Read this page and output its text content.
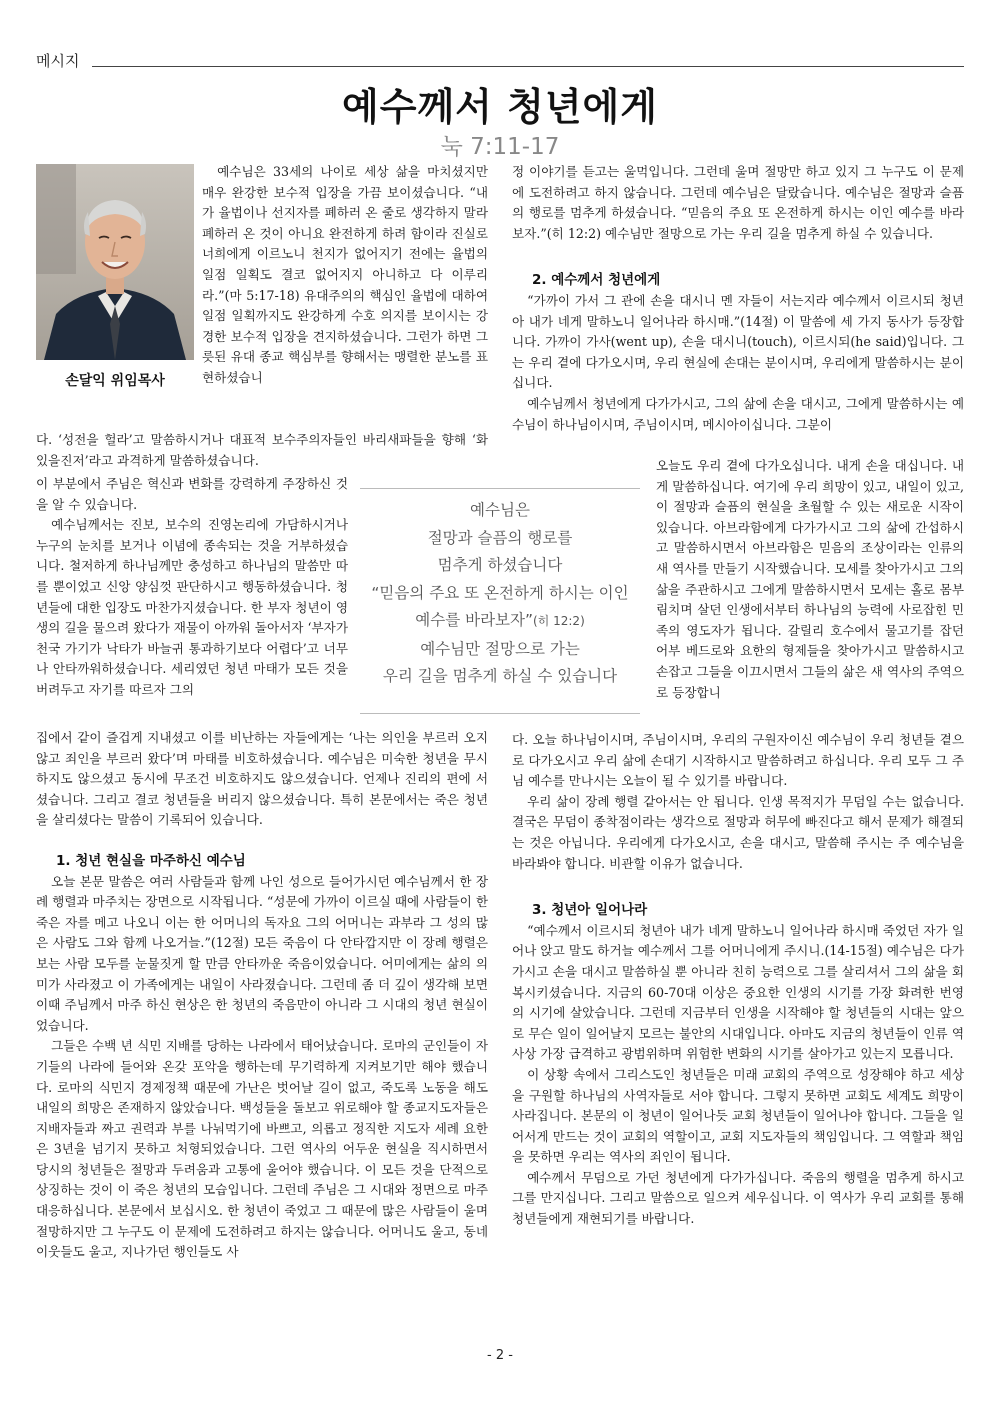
메시지
예수께서 청년에게
눅 7:11-17
손달익 위임목사

예수님은 33세의 나이로 세상 삶을 마치셨지만 매우 완강한 보수적 입장을 가끔 보이셨습니다. “내가 율법이나 선지자를 폐하러 온 줄로 생각하지 말라 폐하러 온 것이 아니요 완전하게 하려 함이라 진실로 너희에게 이르노니 천지가 없어지기 전에는 율법의 일점 일획도 결코 없어지지 아니하고 다 이루리라.”(마 5:17-18) 유대주의의 핵심인 율법에 대하여 일점 일획까지도 완강하게 수호 의지를 보이시는 강경한 보수적 입장을 견지하셨습니다. 그런가 하면 그릇된 유대 종교 핵심부를 향해서는 맹렬한 분노를 표현하셨습니

다. ‘성전을 헐라’고 말씀하시거나 대표적 보수주의자들인 바리새파들을 향해 ‘화 있을진저’라고 과격하게 말씀하셨습니다.

이 부분에서 주님은 혁신과 변화를 강력하게 주장하신 것을 알 수 있습니다.

예수님께서는 진보, 보수의 진영논리에 가담하시거나 누구의 눈치를 보거나 이념에 종속되는 것을 거부하셨습니다. 철저하게 하나님께만 충성하고 하나님의 말씀만 따를 뿐이었고 신앙 양심껏 판단하시고 행동하셨습니다. 청년들에 대한 입장도 마찬가지셨습니다. 한 부자 청년이 영생의 길을 물으려 왔다가 재물이 아까워 돌아서자 ‘부자가 천국 가기가 낙타가 바늘귀 통과하기보다 어렵다’고 너무나 안타까워하셨습니다. 세리였던 청년 마태가 모든 것을 버려두고 자기를 따르자 그의

집에서 같이 즐겁게 지내셨고 이를 비난하는 자들에게는 ‘나는 의인을 부르러 오지 않고 죄인을 부르러 왔다’며 마태를 비호하셨습니다. 예수님은 미숙한 청년을 무시하지도 않으셨고 동시에 무조건 비호하지도 않으셨습니다. 언제나 진리의 편에 서셨습니다. 그리고 결코 청년들을 버리지 않으셨습니다. 특히 본문에서는 죽은 청년을 살리셨다는 말씀이 기록되어 있습니다.

1. 청년 현실을 마주하신 예수님

오늘 본문 말씀은 여러 사람들과 함께 나인 성으로 들어가시던 예수님께서 한 장례 행렬과 마주치는 장면으로 시작됩니다. “성문에 가까이 이르실 때에 사람들이 한 죽은 자를 메고 나오니 이는 한 어머니의 독자요 그의 어머니는 과부라 그 성의 많은 사람도 그와 함께 나오거늘.”(12절) 모든 죽음이 다 안타깝지만 이 장례 행렬은 보는 사람 모두를 눈물짓게 할 만큼 안타까운 죽음이었습니다. 어미에게는 삶의 의미가 사라졌고 이 가족에게는 내일이 사라졌습니다. 그런데 좀 더 깊이 생각해 보면 이때 주님께서 마주 하신 현상은 한 청년의 죽음만이 아니라 그 시대의 청년 현실이었습니다.

그들은 수백 년 식민 지배를 당하는 나라에서 태어났습니다. 로마의 군인들이 자기들의 나라에 들어와 온갖 포악을 행하는데 무기력하게 지켜보기만 해야 했습니다. 로마의 식민지 경제정책 때문에 가난은 벗어날 길이 없고, 죽도록 노동을 해도 내일의 희망은 존재하지 않았습니다. 백성들을 돌보고 위로해야 할 종교지도자들은 지배자들과 짜고 권력과 부를 나눠먹기에 바쁘고, 의롭고 정직한 지도자 세례 요한은 3년을 넘기지 못하고 처형되었습니다. 그런 역사의 어두운 현실을 직시하면서 당시의 청년들은 절망과 두려움과 고통에 울어야 했습니다. 이 모든 것을 단적으로 상징하는 것이 이 죽은 청년의 모습입니다. 그런데 주님은 그 시대와 정면으로 마주 대응하십니다. 본문에서 보십시오. 한 청년이 죽었고 그 때문에 많은 사람들이 울며 절망하지만 그 누구도 이 문제에 도전하려고 하지는 않습니다. 어머니도 울고, 동네 이웃들도 울고, 지나가던 행인들도 사

예수님은
절망과 슬픔의 행로를
멈추게 하셨습니다
“믿음의 주요 또 온전하게 하시는 이인
예수를 바라보자”(히 12:2)
예수님만 절망으로 가는
우리 길을 멈추게 하실 수 있습니다

정 이야기를 듣고는 울먹입니다. 그런데 울며 절망만 하고 있지 그 누구도 이 문제에 도전하려고 하지 않습니다. 그런데 예수님은 달랐습니다. 예수님은 절망과 슬픔의 행로를 멈추게 하셨습니다. “믿음의 주요 또 온전하게 하시는 이인 예수를 바라보자.”(히 12:2) 예수님만 절망으로 가는 우리 길을 멈추게 하실 수 있습니다.

2. 예수께서 청년에게

“가까이 가서 그 관에 손을 대시니 멘 자들이 서는지라 예수께서 이르시되 청년아 내가 네게 말하노니 일어나라 하시매.”(14절) 이 말씀에 세 가지 동사가 등장합니다. 가까이 가사(went up), 손을 대시니(touch), 이르시되(he said)입니다. 그는 우리 곁에 다가오시며, 우리 현실에 손대는 분이시며, 우리에게 말씀하시는 분이십니다.

예수님께서 청년에게 다가가시고, 그의 삶에 손을 대시고, 그에게 말씀하시는 예수님이 하나님이시며, 주님이시며, 메시아이십니다. 그분이

오늘도 우리 곁에 다가오십니다. 내게 손을 대십니다. 내게 말씀하십니다. 여기에 우리 희망이 있고, 내일이 있고, 이 절망과 슬픔의 현실을 초월할 수 있는 새로운 시작이 있습니다. 아브라함에게 다가가시고 그의 삶에 간섭하시고 말씀하시면서 아브라함은 믿음의 조상이라는 인류의 새 역사를 만들기 시작했습니다. 모세를 찾아가시고 그의 삶을 주관하시고 그에게 말씀하시면서 모세는 홀로 몸부림치며 살던 인생에서부터 하나님의 능력에 사로잡힌 민족의 영도자가 됩니다. 갈릴리 호수에서 물고기를 잡던 어부 베드로와 요한의 형제들을 찾아가시고 말씀하시고 손잡고 그들을 이끄시면서 그들의 삶은 새 역사의 주역으로 등장합니

다. 오늘 하나님이시며, 주님이시며, 우리의 구원자이신 예수님이 우리 청년들 곁으로 다가오시고 우리 삶에 손대기 시작하시고 말씀하려고 하십니다. 우리 모두 그 주님 예수를 만나시는 오늘이 될 수 있기를 바랍니다.

우리 삶이 장례 행렬 같아서는 안 됩니다. 인생 목적지가 무덤일 수는 없습니다. 결국은 무덤이 종착점이라는 생각으로 절망과 허무에 빠진다고 해서 문제가 해결되는 것은 아닙니다. 우리에게 다가오시고, 손을 대시고, 말씀해 주시는 주 예수님을 바라봐야 합니다. 비관할 이유가 없습니다.

3. 청년아 일어나라

“예수께서 이르시되 청년아 내가 네게 말하노니 일어나라 하시매 죽었던 자가 일어나 앉고 말도 하거늘 예수께서 그를 어머니에게 주시니.(14-15절) 예수님은 다가가시고 손을 대시고 말씀하실 뿐 아니라 친히 능력으로 그를 살리셔서 그의 삶을 회복시키셨습니다. 지금의 60-70대 이상은 중요한 인생의 시기를 가장 화려한 번영의 시기에 살았습니다. 그런데 지금부터 인생을 시작해야 할 청년들의 시대는 앞으로 무슨 일이 일어날지 모르는 불안의 시대입니다. 아마도 지금의 청년들이 인류 역사상 가장 급격하고 광범위하며 위험한 변화의 시기를 살아가고 있는지 모릅니다.

이 상황 속에서 그리스도인 청년들은 미래 교회의 주역으로 성장해야 하고 세상을 구원할 하나님의 사역자들로 서야 합니다. 그렇지 못하면 교회도 세계도 희망이 사라집니다. 본문의 이 청년이 일어나듯 교회 청년들이 일어나야 합니다. 그들을 일어서게 만드는 것이 교회의 역할이고, 교회 지도자들의 책임입니다. 그 역할과 책임을 못하면 우리는 역사의 죄인이 됩니다.

예수께서 무덤으로 가던 청년에게 다가가십니다. 죽음의 행렬을 멈추게 하시고 그를 만지십니다. 그리고 말씀으로 일으켜 세우십니다. 이 역사가 우리 교회를 통해 청년들에게 재현되기를 바랍니다.

- 2 -
